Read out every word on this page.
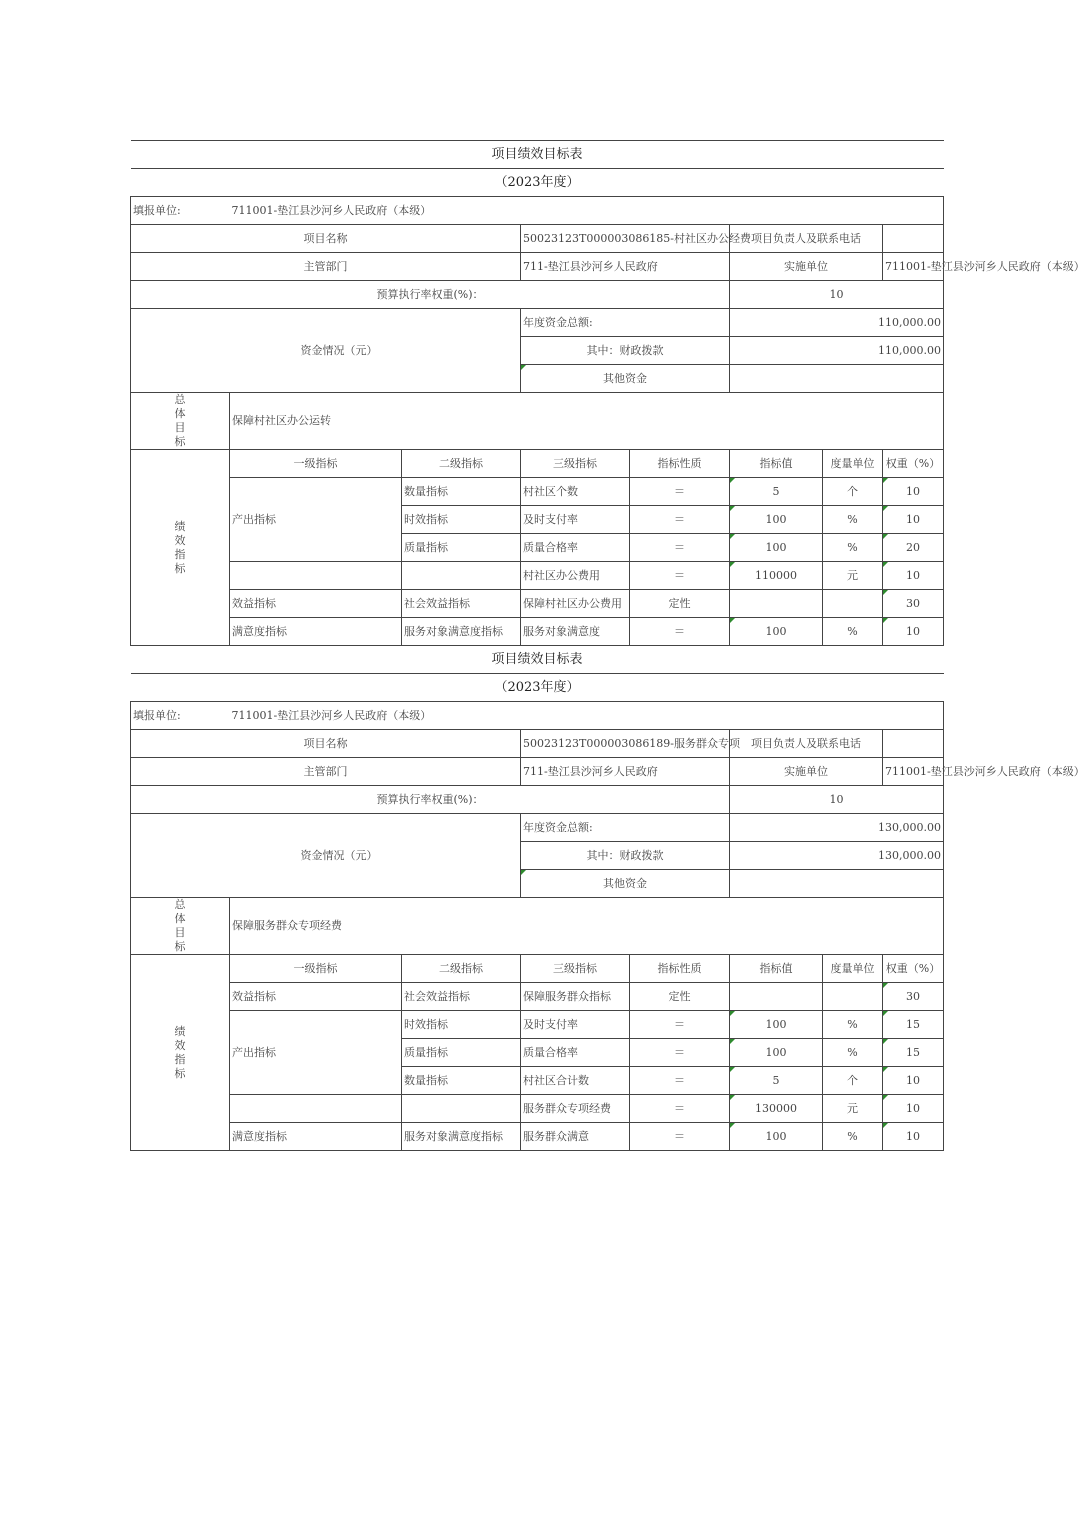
项目绩效目标表							
（2023年度）							
填报单位:	711001-垫江县沙河乡人民政府（本级）						
项目名称			50023123T000003086185-村社区办公经费		项目负责人及联系电话		
主管部门			711-垫江县沙河乡人民政府		实施单位		711001-垫江县沙河乡人民政府（本级）
预算执行率权重(%)：					10		
资金情况（元）			年度资金总额:		110,000.00		
			其中：财政拨款		110,000.00		
			其他资金				
总体目标	保障村社区办公运转						
绩效指标	一级指标	二级指标	三级指标	指标性质	指标值	度量单位	权重（%）
	产出指标	数量指标	村社区个数	＝	5	个	10
		时效指标	及时支付率	＝	100	%	10
		质量指标	质量合格率	＝	100	%	20
			村社区办公费用	＝	110000	元	10
	效益指标	社会效益指标	保障村社区办公费用	定性			30
	满意度指标	服务对象满意度指标	服务对象满意度	＝	100	%	10
项目绩效目标表							
（2023年度）							
填报单位:	711001-垫江县沙河乡人民政府（本级）						
项目名称			50023123T000003086189-服务群众专项		项目负责人及联系电话		
主管部门			711-垫江县沙河乡人民政府		实施单位		711001-垫江县沙河乡人民政府（本级）
预算执行率权重(%)：					10		
资金情况（元）			年度资金总额:		130,000.00		
			其中：财政拨款		130,000.00		
			其他资金				
总体目标	保障服务群众专项经费						
绩效指标	一级指标	二级指标	三级指标	指标性质	指标值	度量单位	权重（%）
	效益指标	社会效益指标	保障服务群众指标	定性			30
	产出指标	时效指标	及时支付率	＝	100	%	15
		质量指标	质量合格率	＝	100	%	15
		数量指标	村社区合计数	＝	5	个	10
			服务群众专项经费	＝	130000	元	10
	满意度指标	服务对象满意度指标	服务群众满意	＝	100	%	10
